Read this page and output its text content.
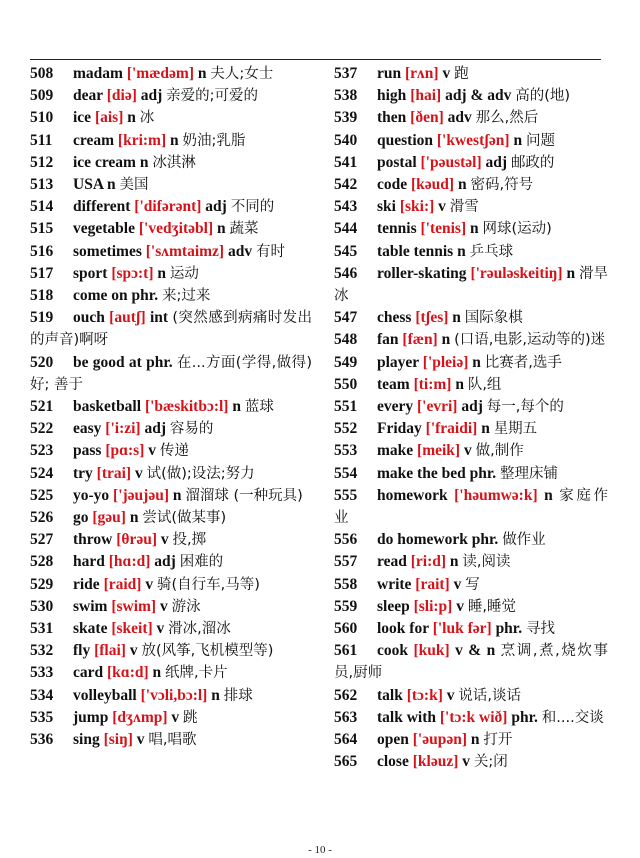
508 madam ['mædəm] n 夫人;女士
509 dear [diə] adj 亲爱的;可爱的
510 ice [ais] n 冰
511 cream [kri:m] n 奶油;乳脂
512 ice cream n 冰淇淋
513 USA n 美国
514 different ['difərənt] adj 不同的
515 vegetable ['vedʒitəbl] n 蔬菜
516 sometimes ['sʌmtaimz] adv 有时
517 sport [spɔ:t] n 运动
518 come on phr. 来;过来
519 ouch [autʃ] int (突然感到病痛时发出的声音)啊呀
520 be good at phr. 在...方面(学得,做得)好; 善于
521 basketball ['bæskitbɔ:l] n 蓝球
522 easy ['i:zi] adj 容易的
523 pass [pɑ:s] v 传递
524 try [trai] v 试(做);设法;努力
525 yo-yo ['jəujəu] n 溜溜球 (一种玩具)
526 go [gəu] n 尝试(做某事)
527 throw [θrəu] v 投,掷
528 hard [hɑ:d] adj 困难的
529 ride [raid] v 骑(自行车,马等)
530 swim [swim] v 游泳
531 skate [skeit] v 滑冰,溜冰
532 fly [flai] v 放(风筝,飞机模型等)
533 card [kɑ:d] n 纸牌,卡片
534 volleyball ['vɔli,bɔ:l] n 排球
535 jump [dʒʌmp] v 跳
536 sing [siŋ] v 唱,唱歌
537 run [rʌn] v 跑
538 high [hai] adj & adv 高的(地)
539 then [ðen] adv 那么,然后
540 question ['kwestʃən] n 问题
541 postal ['pəustəl] adj 邮政的
542 code [kəud] n 密码,符号
543 ski [ski:] v 滑雪
544 tennis ['tenis] n 网球(运动)
545 table tennis n 乒乓球
546 roller-skating ['rəuləskeitiŋ] n 滑旱冰
547 chess [tʃes] n 国际象棋
548 fan [fæn] n (口语,电影,运动等的)迷
549 player ['pleiə] n 比赛者,选手
550 team [ti:m] n 队,组
551 every ['evri] adj 每一,每个的
552 Friday ['fraidi] n 星期五
553 make [meik] v 做,制作
554 make the bed phr. 整理床铺
555 homework ['həumwə:k] n 家庭作业
556 do homework phr. 做作业
557 read [ri:d] n 读,阅读
558 write [rait] v 写
559 sleep [sli:p] v 睡,睡觉
560 look for ['luk fər] phr. 寻找
561 cook [kuk] v & n 烹调,煮,烧炊事员,厨师
562 talk [tɔ:k] v 说话,谈话
563 talk with ['tɔ:k wið] phr. 和....交谈
564 open ['əupən] n 打开
565 close [kləuz] v 关;闭
- 10 -
